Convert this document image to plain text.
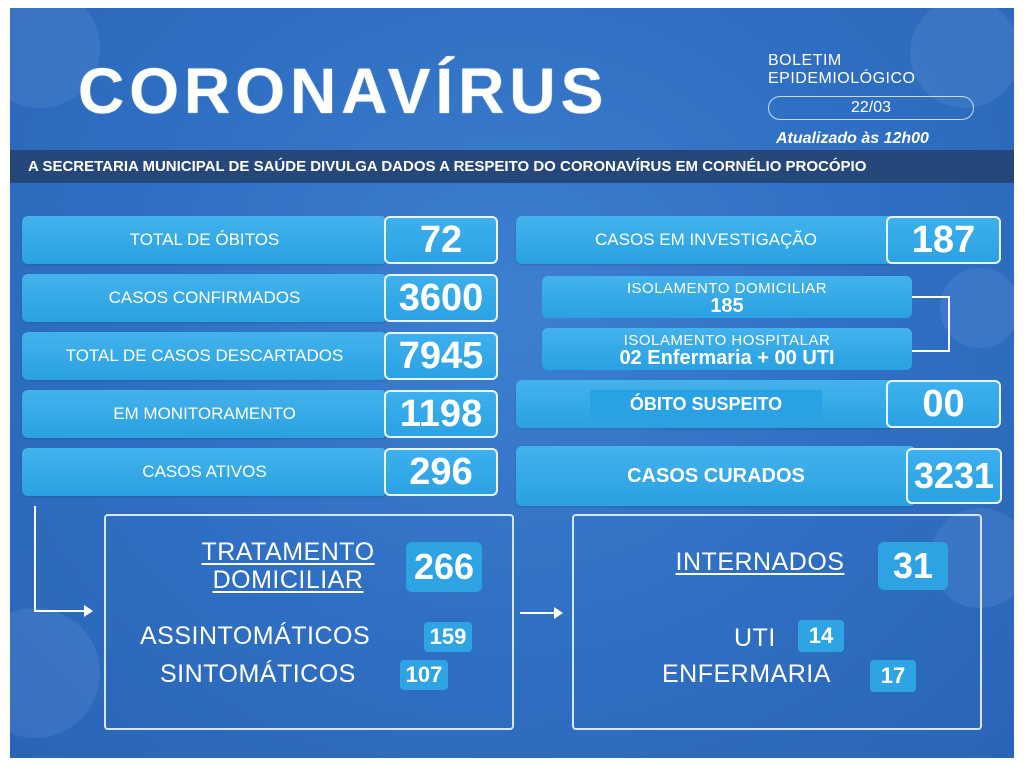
CORONAVÍRUS	BOLETIM
EPIDEMIOLÓGICO
22/03
Atualizado às 12h00
A SECRETARIA MUNICIPAL DE SAÚDE DIVULGA DADOS A RESPEITO DO CORONAVÍRUS EM CORNÉLIO PROCÓPIO
TOTAL DE ÓBITOS	72
CASOS CONFIRMADOS	3600
TOTAL DE CASOS DESCARTADOS	7945
EM MONITORAMENTO	1198
CASOS ATIVOS	296
CASOS EM INVESTIGAÇÃO	187
ISOLAMENTO DOMICILIAR
185
ISOLAMENTO HOSPITALAR
02 Enfermaria + 00 UTI
ÓBITO SUSPEITO	00
CASOS CURADOS	3231
TRATAMENTO
DOMICILIAR	266
ASSINTOMÁTICOS	159
SINTOMÁTICOS 107
INTERNADOS	31
UTI	14
ENFERMARIA	17
